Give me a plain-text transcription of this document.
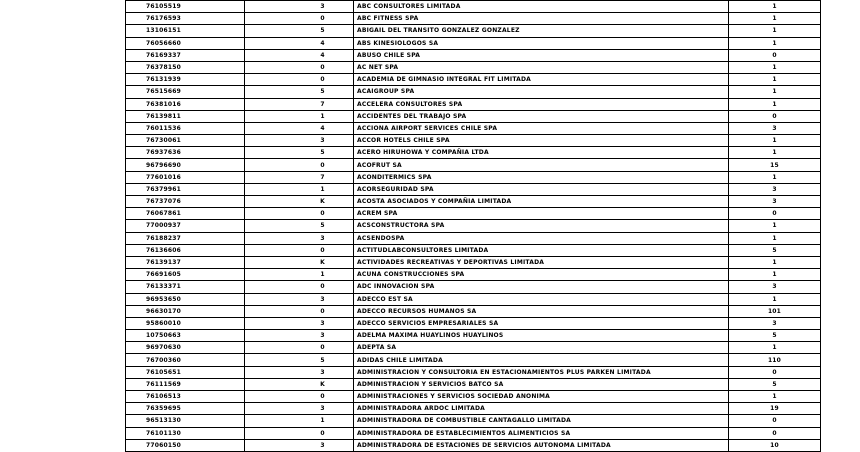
76105519	3	ABC CONSULTORES LIMITADA	1
76176593	0	ABC FITNESS SPA	1
13106151	5	ABIGAIL DEL TRANSITO GONZALEZ GONZALEZ	1
76056660	4	ABS KINESIOLOGOS SA	1
76169337	4	ABUSO CHILE SPA	0
76378150	0	AC NET SPA	1
76131939	0	ACADEMIA DE GIMNASIO INTEGRAL FIT LIMITADA	1
76515669	5	ACAIGROUP SPA	1
76381016	7	ACCELERA CONSULTORES SPA	1
76139811	1	ACCIDENTES DEL TRABAJO SPA	0
76011536	4	ACCIONA AIRPORT SERVICES CHILE SPA	3
76730061	3	ACCOR HOTELS CHILE SPA	1
76937636	5	ACERO HIRUHOWA Y COMPAÑIA LTDA	1
96796690	0	ACOFRUT SA	15
77601016	7	ACONDITERMICS SPA	1
76379961	1	ACORSEGURIDAD SPA	3
76737076	K	ACOSTA ASOCIADOS Y COMPAÑIA LIMITADA	3
76067861	0	ACREM SPA	0
77000937	5	ACSCONSTRUCTORA SPA	1
76188237	3	ACSENDOSPA	1
76136606	0	ACTITUDLABCONSULTORES LIMITADA	5
76139137	K	ACTIVIDADES RECREATIVAS Y DEPORTIVAS LIMITADA	1
76691605	1	ACUNA CONSTRUCCIONES SPA	1
76133371	0	ADC INNOVACION SPA	3
96953650	3	ADECCO EST SA	1
96630170	0	ADECCO RECURSOS HUMANOS SA	101
95860010	3	ADECCO SERVICIOS EMPRESARIALES SA	3
10750663	3	ADELMA MAXIMA HUAYLINOS HUAYLINOS	5
96970630	0	ADEPTA SA	1
76700360	5	ADIDAS CHILE LIMITADA	110
76105651	3	ADMINISTRACION Y CONSULTORIA EN ESTACIONAMIENTOS PLUS PARKEN LIMITADA	0
76111569	K	ADMINISTRACION Y SERVICIOS BATCO SA	5
76106513	0	ADMINISTRACIONES Y SERVICIOS SOCIEDAD ANONIMA	1
76359695	3	ADMINISTRADORA ARDOC LIMITADA	19
96513130	1	ADMINISTRADORA DE COMBUSTIBLE CANTAGALLO LIMITADA	0
76101130	0	ADMINISTRADORA DE ESTABLECIMIENTOS ALIMENTICIOS SA	0
77060150	3	ADMINISTRADORA DE ESTACIONES DE SERVICIOS AUTONOMA LIMITADA	10
